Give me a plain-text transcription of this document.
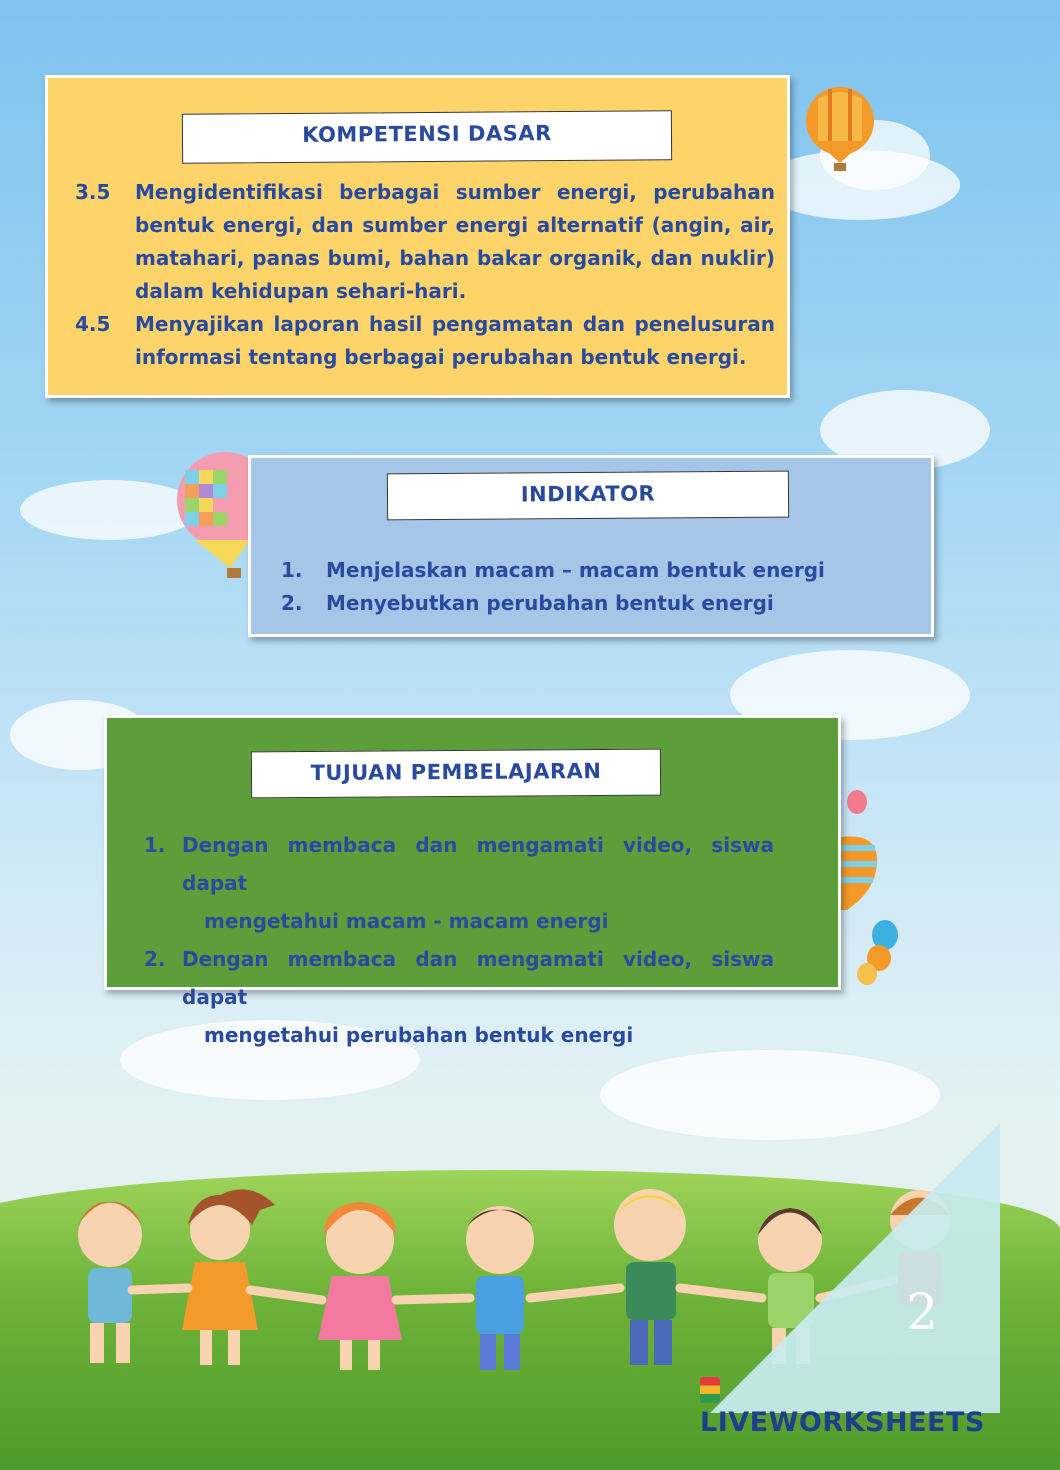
KOMPETENSI DASAR
3.5 Mengidentifikasi berbagai sumber energi, perubahan bentuk energi, dan sumber energi alternatif (angin, air, matahari, panas bumi, bahan bakar organik, dan nuklir) dalam kehidupan sehari-hari.
4.5 Menyajikan laporan hasil pengamatan dan penelusuran informasi tentang berbagai perubahan bentuk energi.
INDIKATOR
1. Menjelaskan macam – macam bentuk energi
2. Menyebutkan perubahan bentuk energi
TUJUAN PEMBELAJARAN
1. Dengan membaca dan mengamati video, siswa dapat
mengetahui macam - macam energi
2. Dengan membaca dan mengamati video, siswa dapat
mengetahui perubahan bentuk energi
2
LIVEWORKSHEETS
